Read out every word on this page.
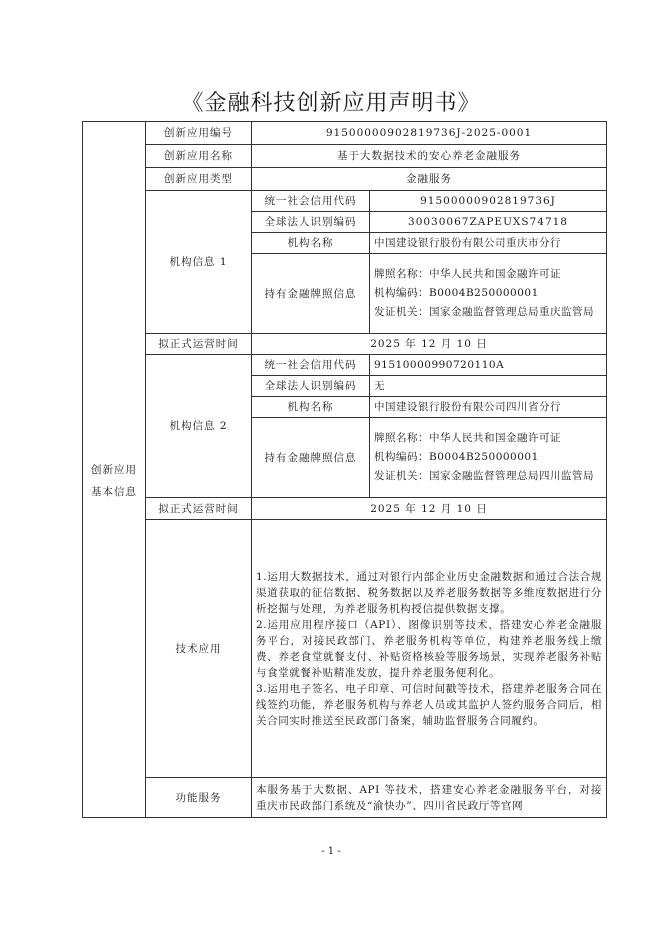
《金融科技创新应用声明书》

创新应用
基本信息	创新应用编号	91500000902819736J-2025-0001	
	创新应用名称	基于大数据技术的安心养老金融服务	
	创新应用类型	金融服务	
	机构信息 1	统一社会信用代码	91500000902819736J
		全球法人识别编码	30030067ZAPEUXS74718
		机构名称	中国建设银行股份有限公司重庆市分行
		持有金融牌照信息	牌照名称：中华人民共和国金融许可证
机构编码：B0004B250000001
发证机关：国家金融监督管理总局重庆监管局

	拟正式运营时间	2025 年 12 月 10 日	
	机构信息 2	统一社会信用代码	91510000990720110A
		全球法人识别编码	无
		机构名称	中国建设银行股份有限公司四川省分行
		持有金融牌照信息	牌照名称：中华人民共和国金融许可证
机构编码：B0004B250000001
发证机关：国家金融监督管理总局四川监管局

	拟正式运营时间	2025 年 12 月 10 日	
	技术应用	1.运用大数据技术，通过对银行内部企业历史金融数据和通过合法合规渠道获取的征信数据、税务数据以及养老服务数据等多维度数据进行分析挖掘与处理，为养老服务机构授信提供数据支撑。
2.运用应用程序接口（API）、图像识别等技术，搭建安心养老金融服务平台，对接民政部门、养老服务机构等单位，构建养老服务线上缴费、养老食堂就餐支付、补贴资格核验等服务场景，实现养老服务补贴与食堂就餐补贴精准发放，提升养老服务便利化。
3.运用电子签名、电子印章、可信时间戳等技术，搭建养老服务合同在线签约功能，养老服务机构与养老人员或其监护人签约服务合同后，相关合同实时推送至民政部门备案，辅助监督服务合同履约。	

	功能服务	本服务基于大数据、API 等技术，搭建安心养老金融服务平台，对接重庆市民政部门系统及“渝快办”、四川省民政厅等官网	
- 1 -
